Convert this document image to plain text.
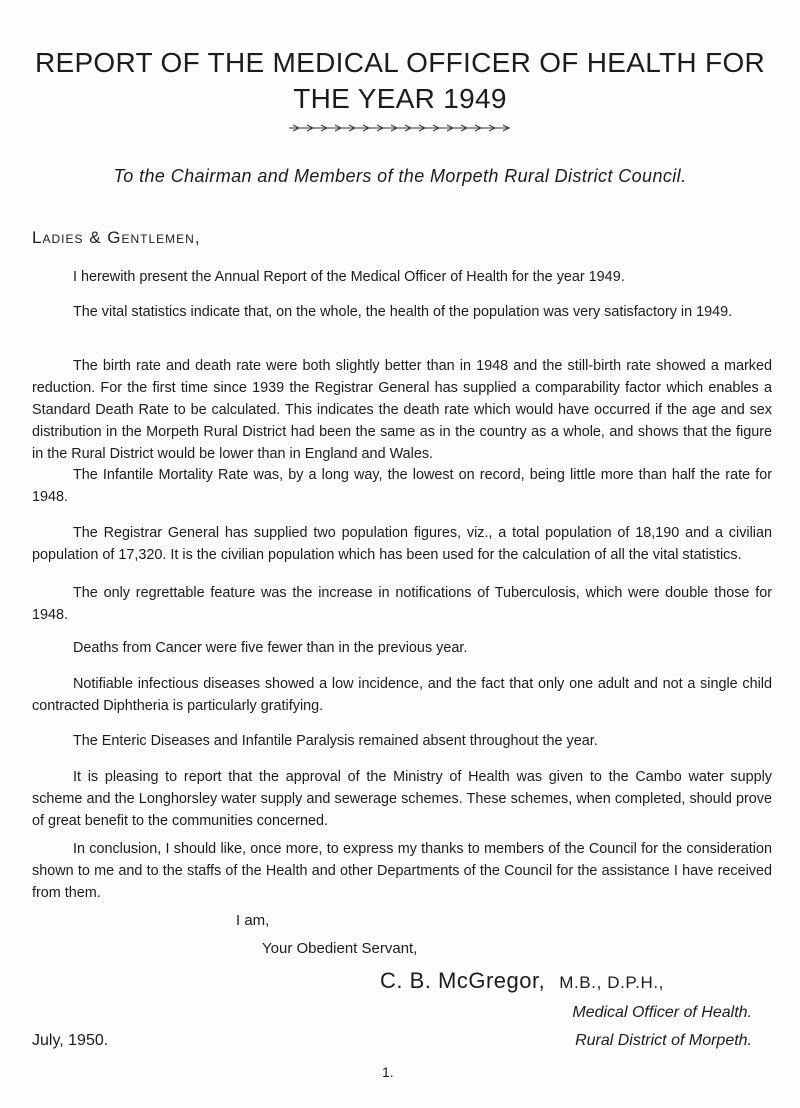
REPORT OF THE MEDICAL OFFICER OF HEALTH FOR
THE YEAR 1949
To the Chairman and Members of the Morpeth Rural District Council.
Ladies & Gentlemen,

I herewith present the Annual Report of the Medical Officer of Health for the year 1949.

The vital statistics indicate that, on the whole, the health of the population was very satisfactory in 1949.

The birth rate and death rate were both slightly better than in 1948 and the still-birth rate showed a marked reduction. For the first time since 1939 the Registrar General has supplied a comparability factor which enables a Standard Death Rate to be calculated. This indicates the death rate which would have occurred if the age and sex distribution in the Morpeth Rural District had been the same as in the country as a whole, and shows that the figure in the Rural District would be lower than in England and Wales.

The Infantile Mortality Rate was, by a long way, the lowest on record, being little more than half the rate for 1948.

The Registrar General has supplied two population figures, viz., a total population of 18,190 and a civilian population of 17,320. It is the civilian population which has been used for the calculation of all the vital statistics.

The only regrettable feature was the increase in notifications of Tuberculosis, which were double those for 1948.

Deaths from Cancer were five fewer than in the previous year.

Notifiable infectious diseases showed a low incidence, and the fact that only one adult and not a single child contracted Diphtheria is particularly gratifying.

The Enteric Diseases and Infantile Paralysis remained absent throughout the year.

It is pleasing to report that the approval of the Ministry of Health was given to the Cambo water supply scheme and the Longhorsley water supply and sewerage schemes. These schemes, when completed, should prove of great benefit to the communities concerned.

In conclusion, I should like, once more, to express my thanks to members of the Council for the consideration shown to me and to the staffs of the Health and other Departments of the Council for the assistance I have received from them.

I am,
Your Obedient Servant,
C. B. McGregor, M.B., D.P.H.,
Medical Officer of Health.
Rural District of Morpeth.
July, 1950.
1.
